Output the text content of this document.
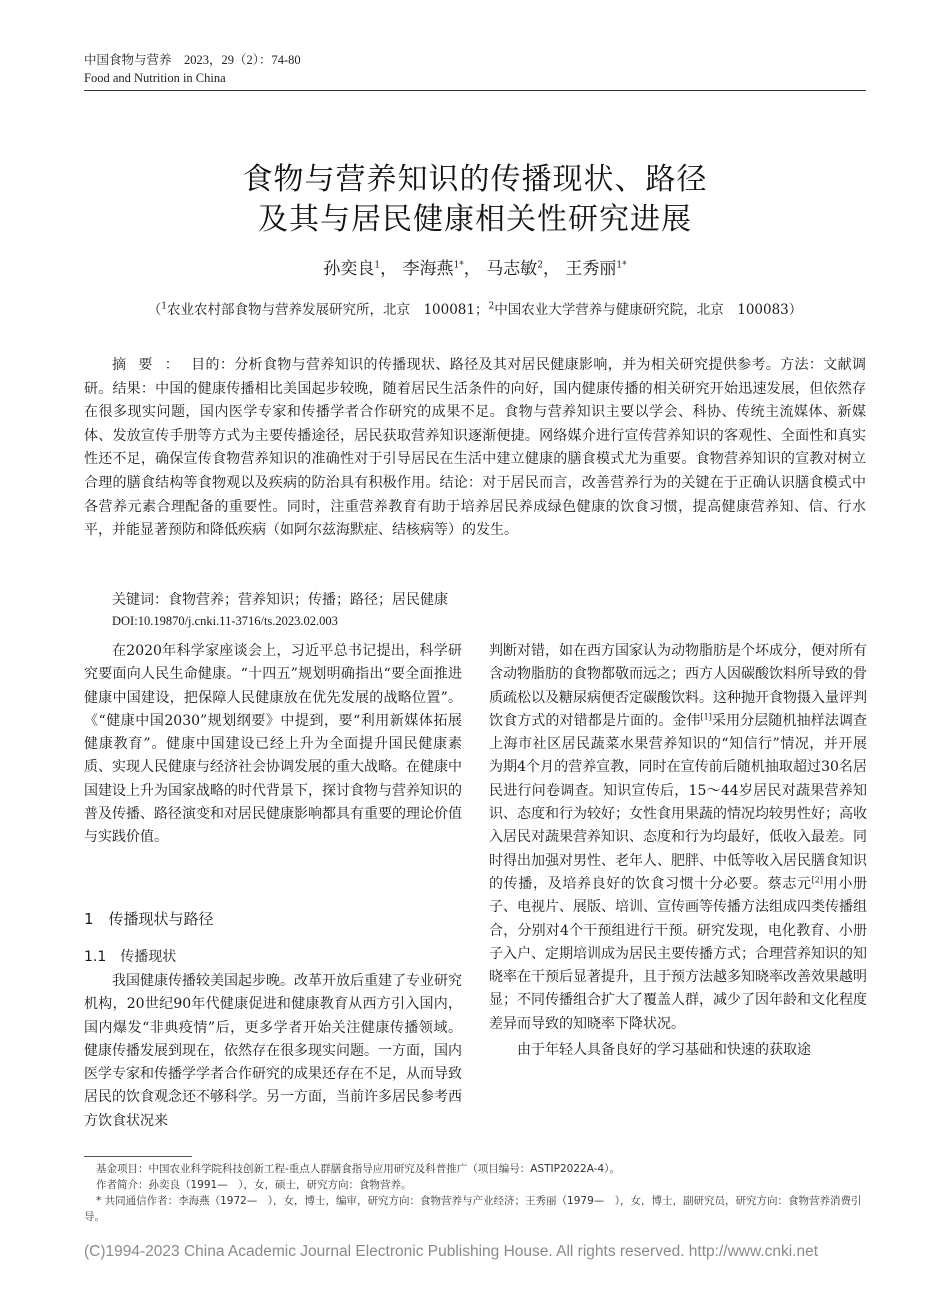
中国食物与营养　2023，29（2）：74-80
Food and Nutrition in China
食物与营养知识的传播现状、路径
及其与居民健康相关性研究进展
孙奕良$^1$， 李海燕$^{1*}$， 马志敏$^2$， 王秀丽$^{1*}$
（$^1$农业农村部食物与营养发展研究所，北京　100081；$^2$中国农业大学营养与健康研究院，北京　100083）
摘要：目的：分析食物与营养知识的传播现状、路径及其对居民健康影响，并为相关研究提供参考。方法：文献调研。结果：中国的健康传播相比美国起步较晚，随着居民生活条件的向好，国内健康传播的相关研究开始迅速发展，但依然存在很多现实问题，国内医学专家和传播学者合作研究的成果不足。食物与营养知识主要以学会、科协、传统主流媒体、新媒体、发放宣传手册等方式为主要传播途径，居民获取营养知识逐渐便捷。网络媒介进行宣传营养知识的客观性、全面性和真实性还不足，确保宣传食物营养知识的准确性对于引导居民在生活中建立健康的膳食模式尤为重要。食物营养知识的宣教对树立合理的膳食结构等食物观以及疾病的防治具有积极作用。结论：对于居民而言，改善营养行为的关键在于正确认识膳食模式中各营养元素合理配备的重要性。同时，注重营养教育有助于培养居民养成绿色健康的饮食习惯，提高健康营养知、信、行水平，并能显著预防和降低疾病（如阿尔兹海默症、结核病等）的发生。
关键词：食物营养；营养知识；传播；路径；居民健康
DOI:10.19870/j.cnki.11-3716/ts.2023.02.003

在2020年科学家座谈会上，习近平总书记提出，科学研究要面向人民生命健康。“十四五”规划明确指出“要全面推进健康中国建设，把保障人民健康放在优先发展的战略位置”。《“健康中国2030”规划纲要》中提到，要“利用新媒体拓展健康教育”。健康中国建设已经上升为全面提升国民健康素质、实现人民健康与经济社会协调发展的重大战略。在健康中国建设上升为国家战略的时代背景下，探讨食物与营养知识的普及传播、路径演变和对居民健康影响都具有重要的理论价值与实践价值。

1　传播现状与路径
1.1　传播现状

我国健康传播较美国起步晚。改革开放后重建了专业研究机构，20世纪90年代健康促进和健康教育从西方引入国内，国内爆发“非典疫情”后，更多学者开始关注健康传播领域。健康传播发展到现在，依然存在很多现实问题。一方面，国内医学专家和传播学学者合作研究的成果还存在不足，从而导致居民的饮食观念还不够科学。另一方面，当前许多居民参考西方饮食状况来

判断对错，如在西方国家认为动物脂肪是个坏成分，便对所有含动物脂肪的食物都敬而远之；西方人因碳酸饮料所导致的骨质疏松以及糖尿病便否定碳酸饮料。这种抛开食物摄入量评判饮食方式的对错都是片面的。金伟[1]采用分层随机抽样法调查上海市社区居民蔬菜水果营养知识的“知信行”情况，并开展为期4个月的营养宣教，同时在宣传前后随机抽取超过30名居民进行问卷调查。知识宣传后，15～44岁居民对蔬果营养知识、态度和行为较好；女性食用果蔬的情况均较男性好；高收入居民对蔬果营养知识、态度和行为均最好，低收入最差。同时得出加强对男性、老年人、肥胖、中低等收入居民膳食知识的传播，及培养良好的饮食习惯十分必要。蔡志元[2]用小册子、电视片、展版、培训、宣传画等传播方法组成四类传播组合，分别对4个干预组进行干预。研究发现，电化教育、小册子入户、定期培训成为居民主要传播方式；合理营养知识的知晓率在干预后显著提升，且于预方法越多知晓率改善效果越明显；不同传播组合扩大了覆盖人群，减少了因年龄和文化程度差异而导致的知晓率下降状况。

由于年轻人具备良好的学习基础和快速的获取途

基金项目：中国农业科学院科技创新工程-重点人群膳食指导应用研究及科普推广（项目编号：ASTIP2022A-4）。
作者简介：孙奕良（1991—　），女，硕士，研究方向：食物营养。
* 共同通信作者：李海燕（1972—　），女，博士，编审，研究方向：食物营养与产业经济；王秀丽（1979—　），女，博士，副研究员，研究方向：食物营养消费引导。
(C)1994-2023 China Academic Journal Electronic Publishing House. All rights reserved. http://www.cnki.net
